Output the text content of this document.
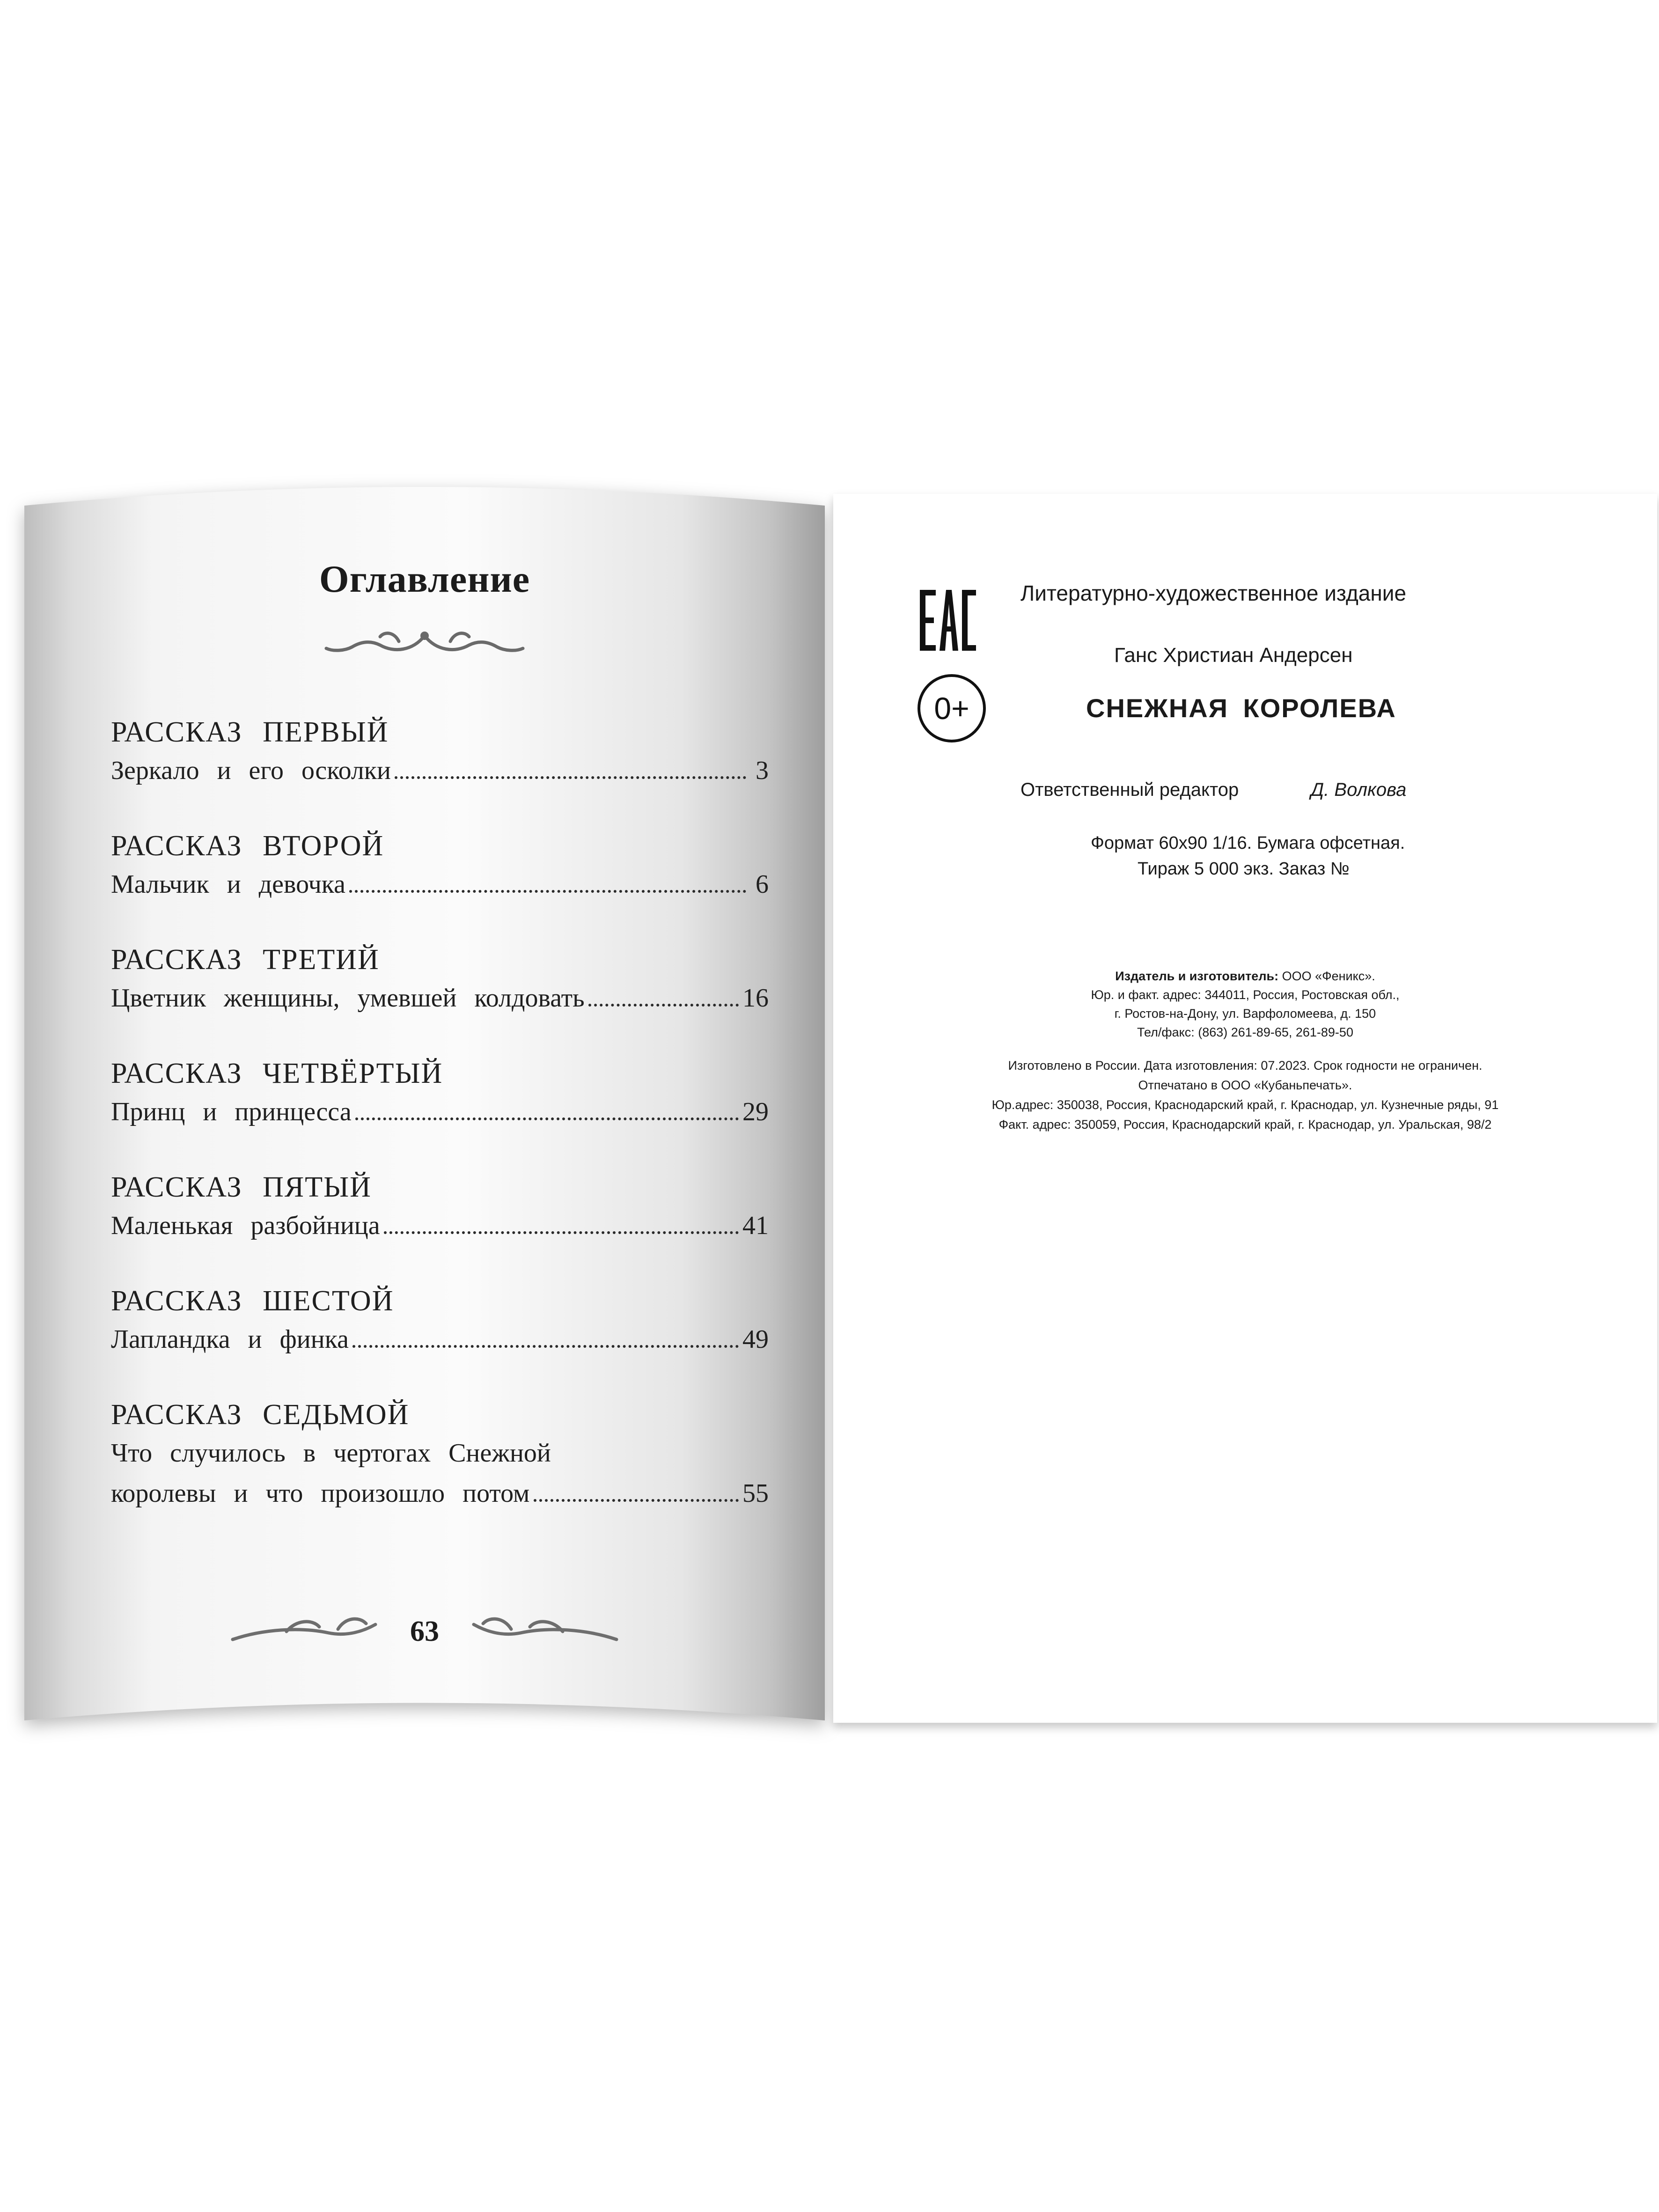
Оглавление
РАССКАЗ ПЕРВЫЙ
Зеркало и его осколки	3
РАССКАЗ ВТОРОЙ
Мальчик и девочка	6
РАССКАЗ ТРЕТИЙ
Цветник женщины, умевшей колдовать	16
РАССКАЗ ЧЕТВЁРТЫЙ
Принц и принцесса	29
РАССКАЗ ПЯТЫЙ
Маленькая разбойница	41
РАССКАЗ ШЕСТОЙ
Лапландка и финка	49
РАССКАЗ СЕДЬМОЙ
Что случилось в чертогах Снежной
королевы и что произошло потом	55
63
0+
Литературно-художественное издание
Ганс Христиан Андерсен
СНЕЖНАЯ КОРОЛЕВА
Ответственный редактор	Д. Волкова
Формат 60х90 1/16. Бумага офсетная.
Тираж 5 000 экз. Заказ №
Издатель и изготовитель: ООО «Феникс».
Юр. и факт. адрес: 344011, Россия, Ростовская обл.,
г. Ростов-на-Дону, ул. Варфоломеева, д. 150
Тел/факс: (863) 261-89-65, 261-89-50
Изготовлено в России. Дата изготовления: 07.2023. Срок годности не ограничен.
Отпечатано в ООО «Кубаньпечать».
Юр.адрес: 350038, Россия, Краснодарский край, г. Краснодар, ул. Кузнечные ряды, 91
Факт. адрес: 350059, Россия, Краснодарский край, г. Краснодар, ул. Уральская, 98/2
